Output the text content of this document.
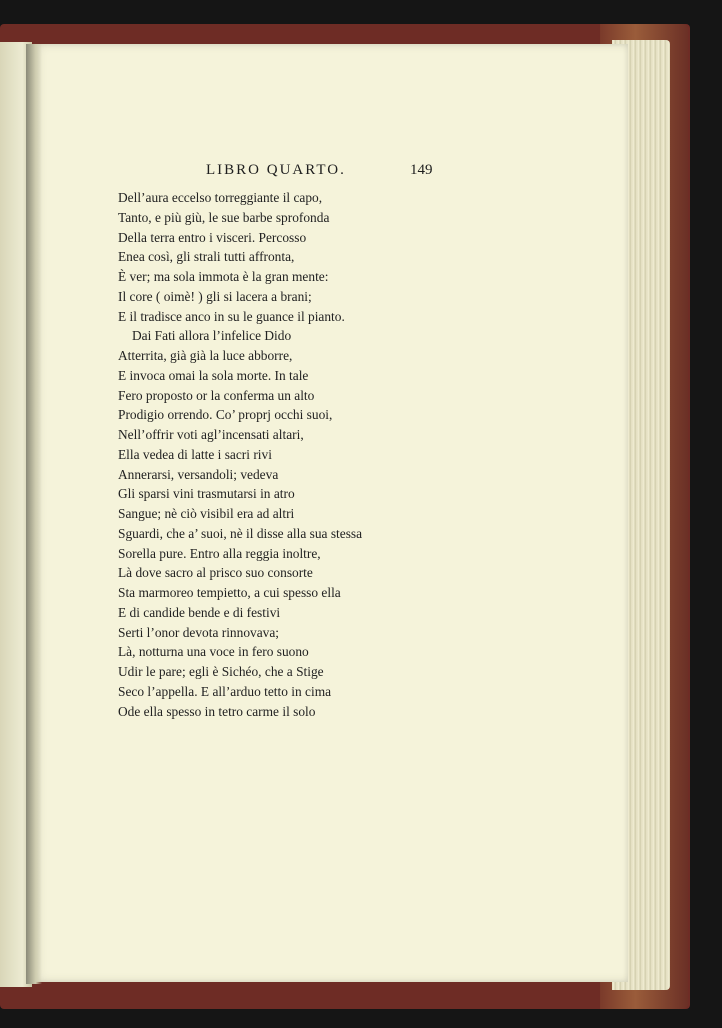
LIBRO QUARTO.	149
Dell’aura eccelso torreggiante il capo,
Tanto, e più giù, le sue barbe sprofonda
Della terra entro i visceri. Percosso
Enea così, gli strali tutti affronta,
È ver; ma sola immota è la gran mente:
Il core ( oimè! ) gli si lacera a brani;
E il tradisce anco in su le guance il pianto.
Dai Fati allora l’infelice Dido
Atterrita, già già la luce abborre,
E invoca omai la sola morte. In tale
Fero proposto or la conferma un alto
Prodigio orrendo. Co’ proprj occhi suoi,
Nell’offrir voti agl’incensati altari,
Ella vedea di latte i sacri rivi
Annerarsi, versandoli; vedeva
Gli sparsi vini trasmutarsi in atro
Sangue; nè ciò visibil era ad altri
Sguardi, che a’ suoi, nè il disse alla sua stessa
Sorella pure. Entro alla reggia inoltre,
Là dove sacro al prisco suo consorte
Sta marmoreo tempietto, a cui spesso ella
E di candide bende e di festivi
Serti l’onor devota rinnovava;
Là, notturna una voce in fero suono
Udir le pare; egli è Sichéo, che a Stige
Seco l’appella. E all’arduo tetto in cima
Ode ella spesso in tetro carme il solo
